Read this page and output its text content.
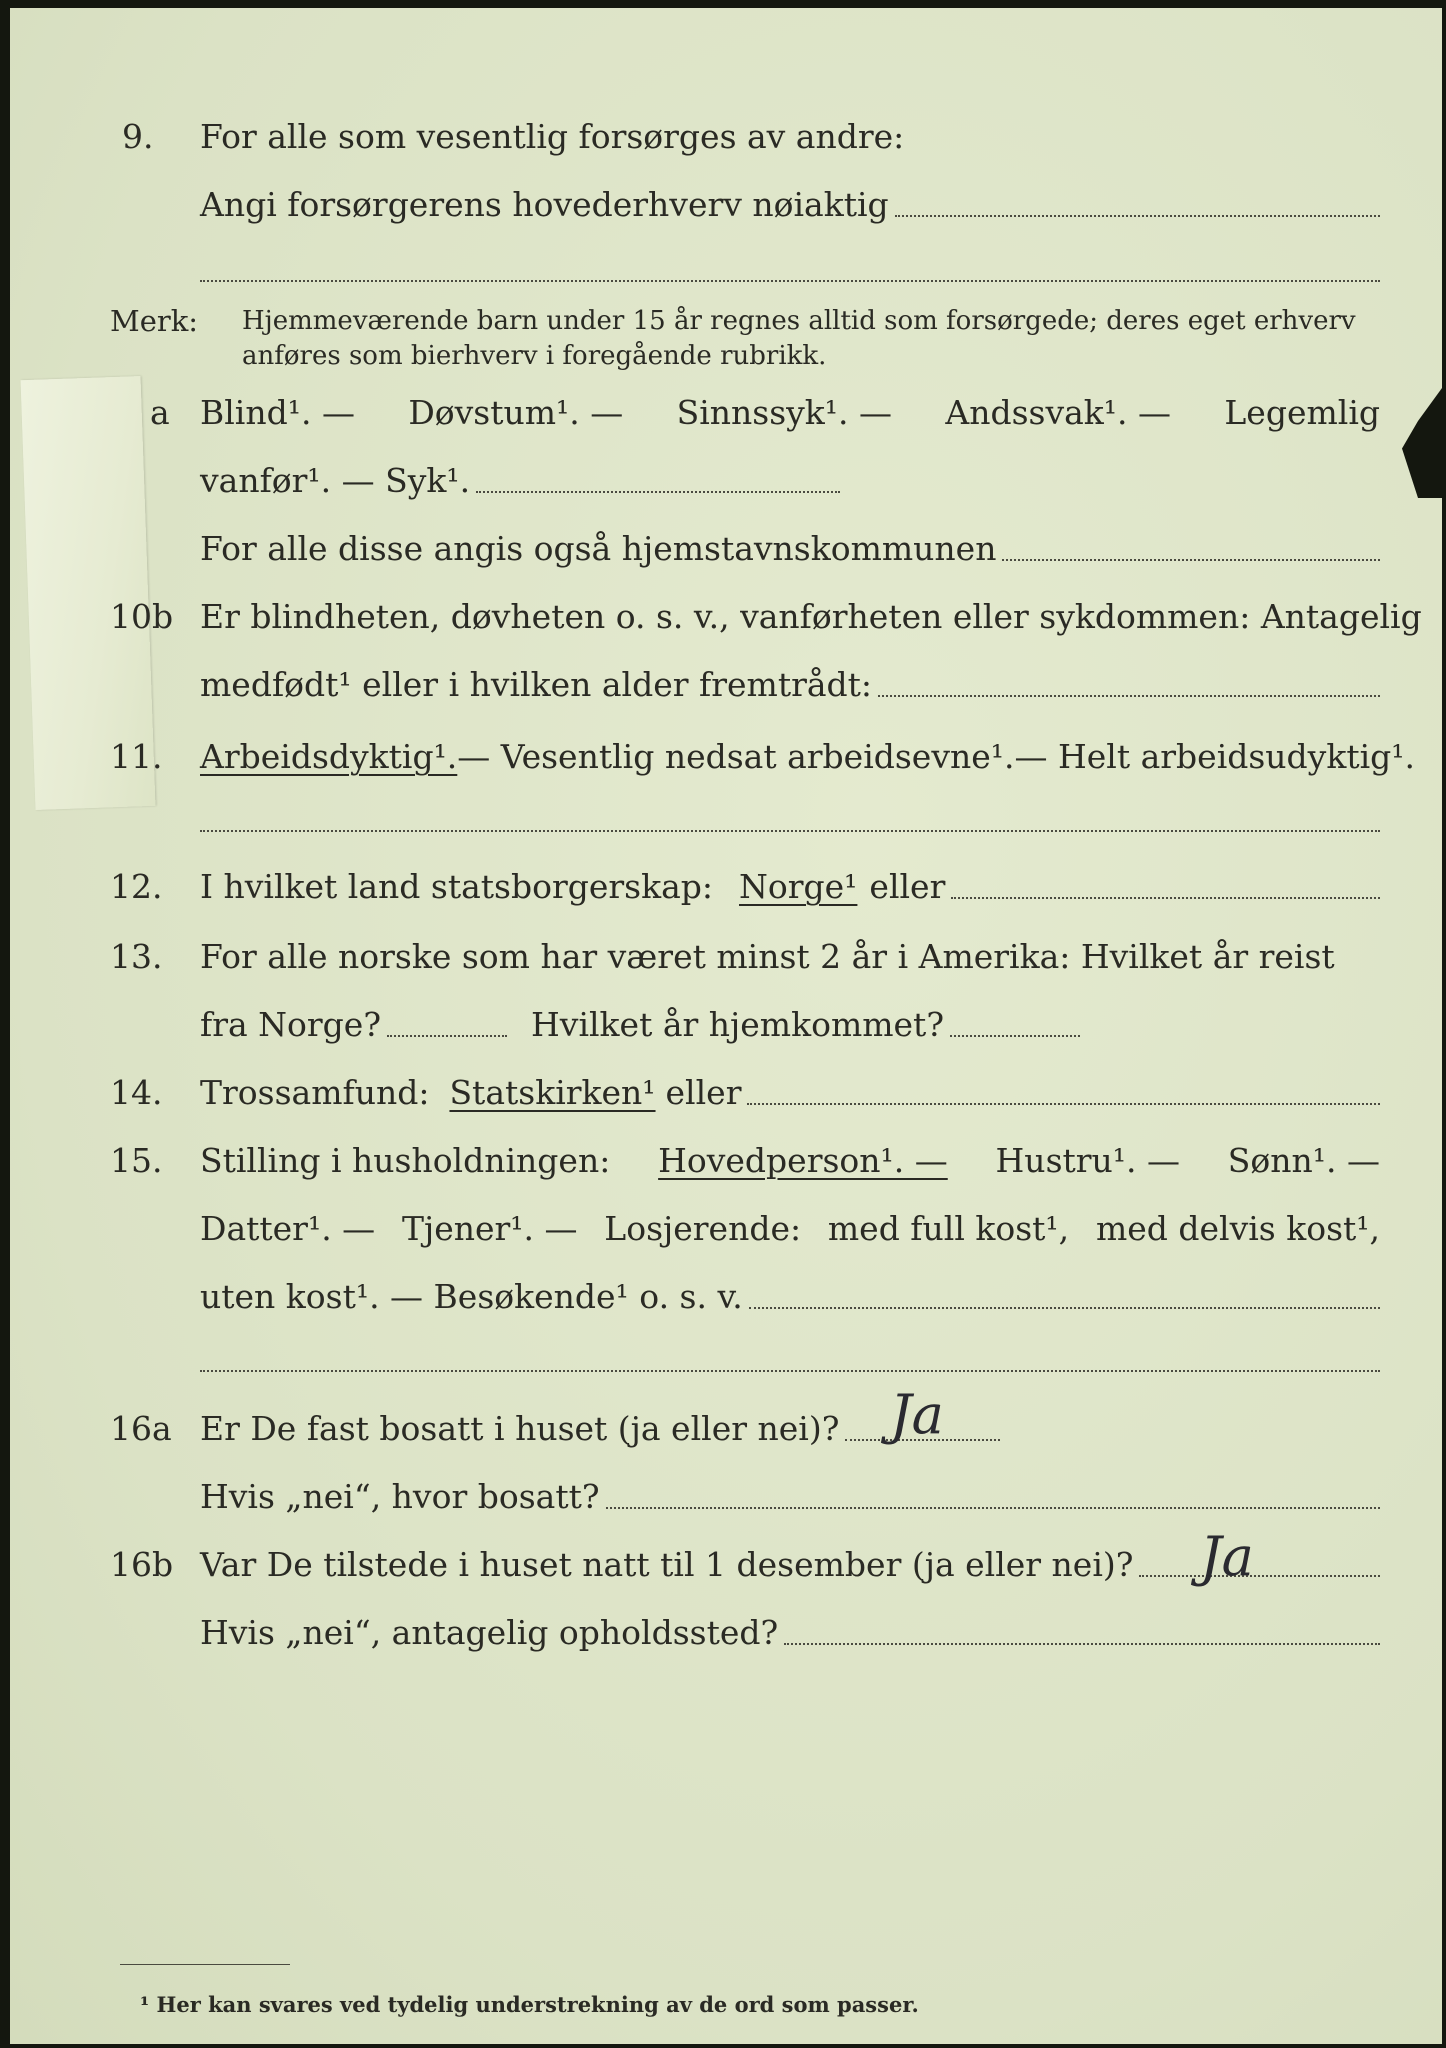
9. For alle som vesentlig forsørges av andre:
Angi forsørgerens hovederhverv nøiaktig
Merk: Hjemmeværende barn under 15 år regnes alltid som forsørgede; deres eget erhverv
anføres som bierhverv i foregående rubrikk.
a Blind¹. — Døvstum¹. — Sinnssyk¹. — Andssvak¹. — Legemlig
vanfør¹. — Syk¹.
For alle disse angis også hjemstavnskommunen
10b Er blindheten, døvheten o. s. v., vanførheten eller sykdommen: Antagelig
medfødt¹ eller i hvilken alder fremtrådt:
11. Arbeidsdyktig¹. — Vesentlig nedsat arbeidsevne¹. — Helt arbeidsudyktig¹.
12. I hvilket land statsborgerskap: Norge¹ eller
13. For alle norske som har været minst 2 år i Amerika: Hvilket år reist
fra Norge?	Hvilket år hjemkommet?
14. Trossamfund: Statskirken¹ eller
15. Stilling i husholdningen: Hovedperson¹. — Hustru¹. — Sønn¹. —
Datter¹. — Tjener¹. — Losjerende: med full kost¹, med delvis kost¹,
uten kost¹. — Besøkende¹ o. s. v.
16a Er De fast bosatt i huset (ja eller nei)? Ja
Hvis „nei“, hvor bosatt?
16b Var De tilstede i huset natt til 1 desember (ja eller nei)? Ja
Hvis „nei“, antagelig opholdssted?
¹ Her kan svares ved tydelig understrekning av de ord som passer.
